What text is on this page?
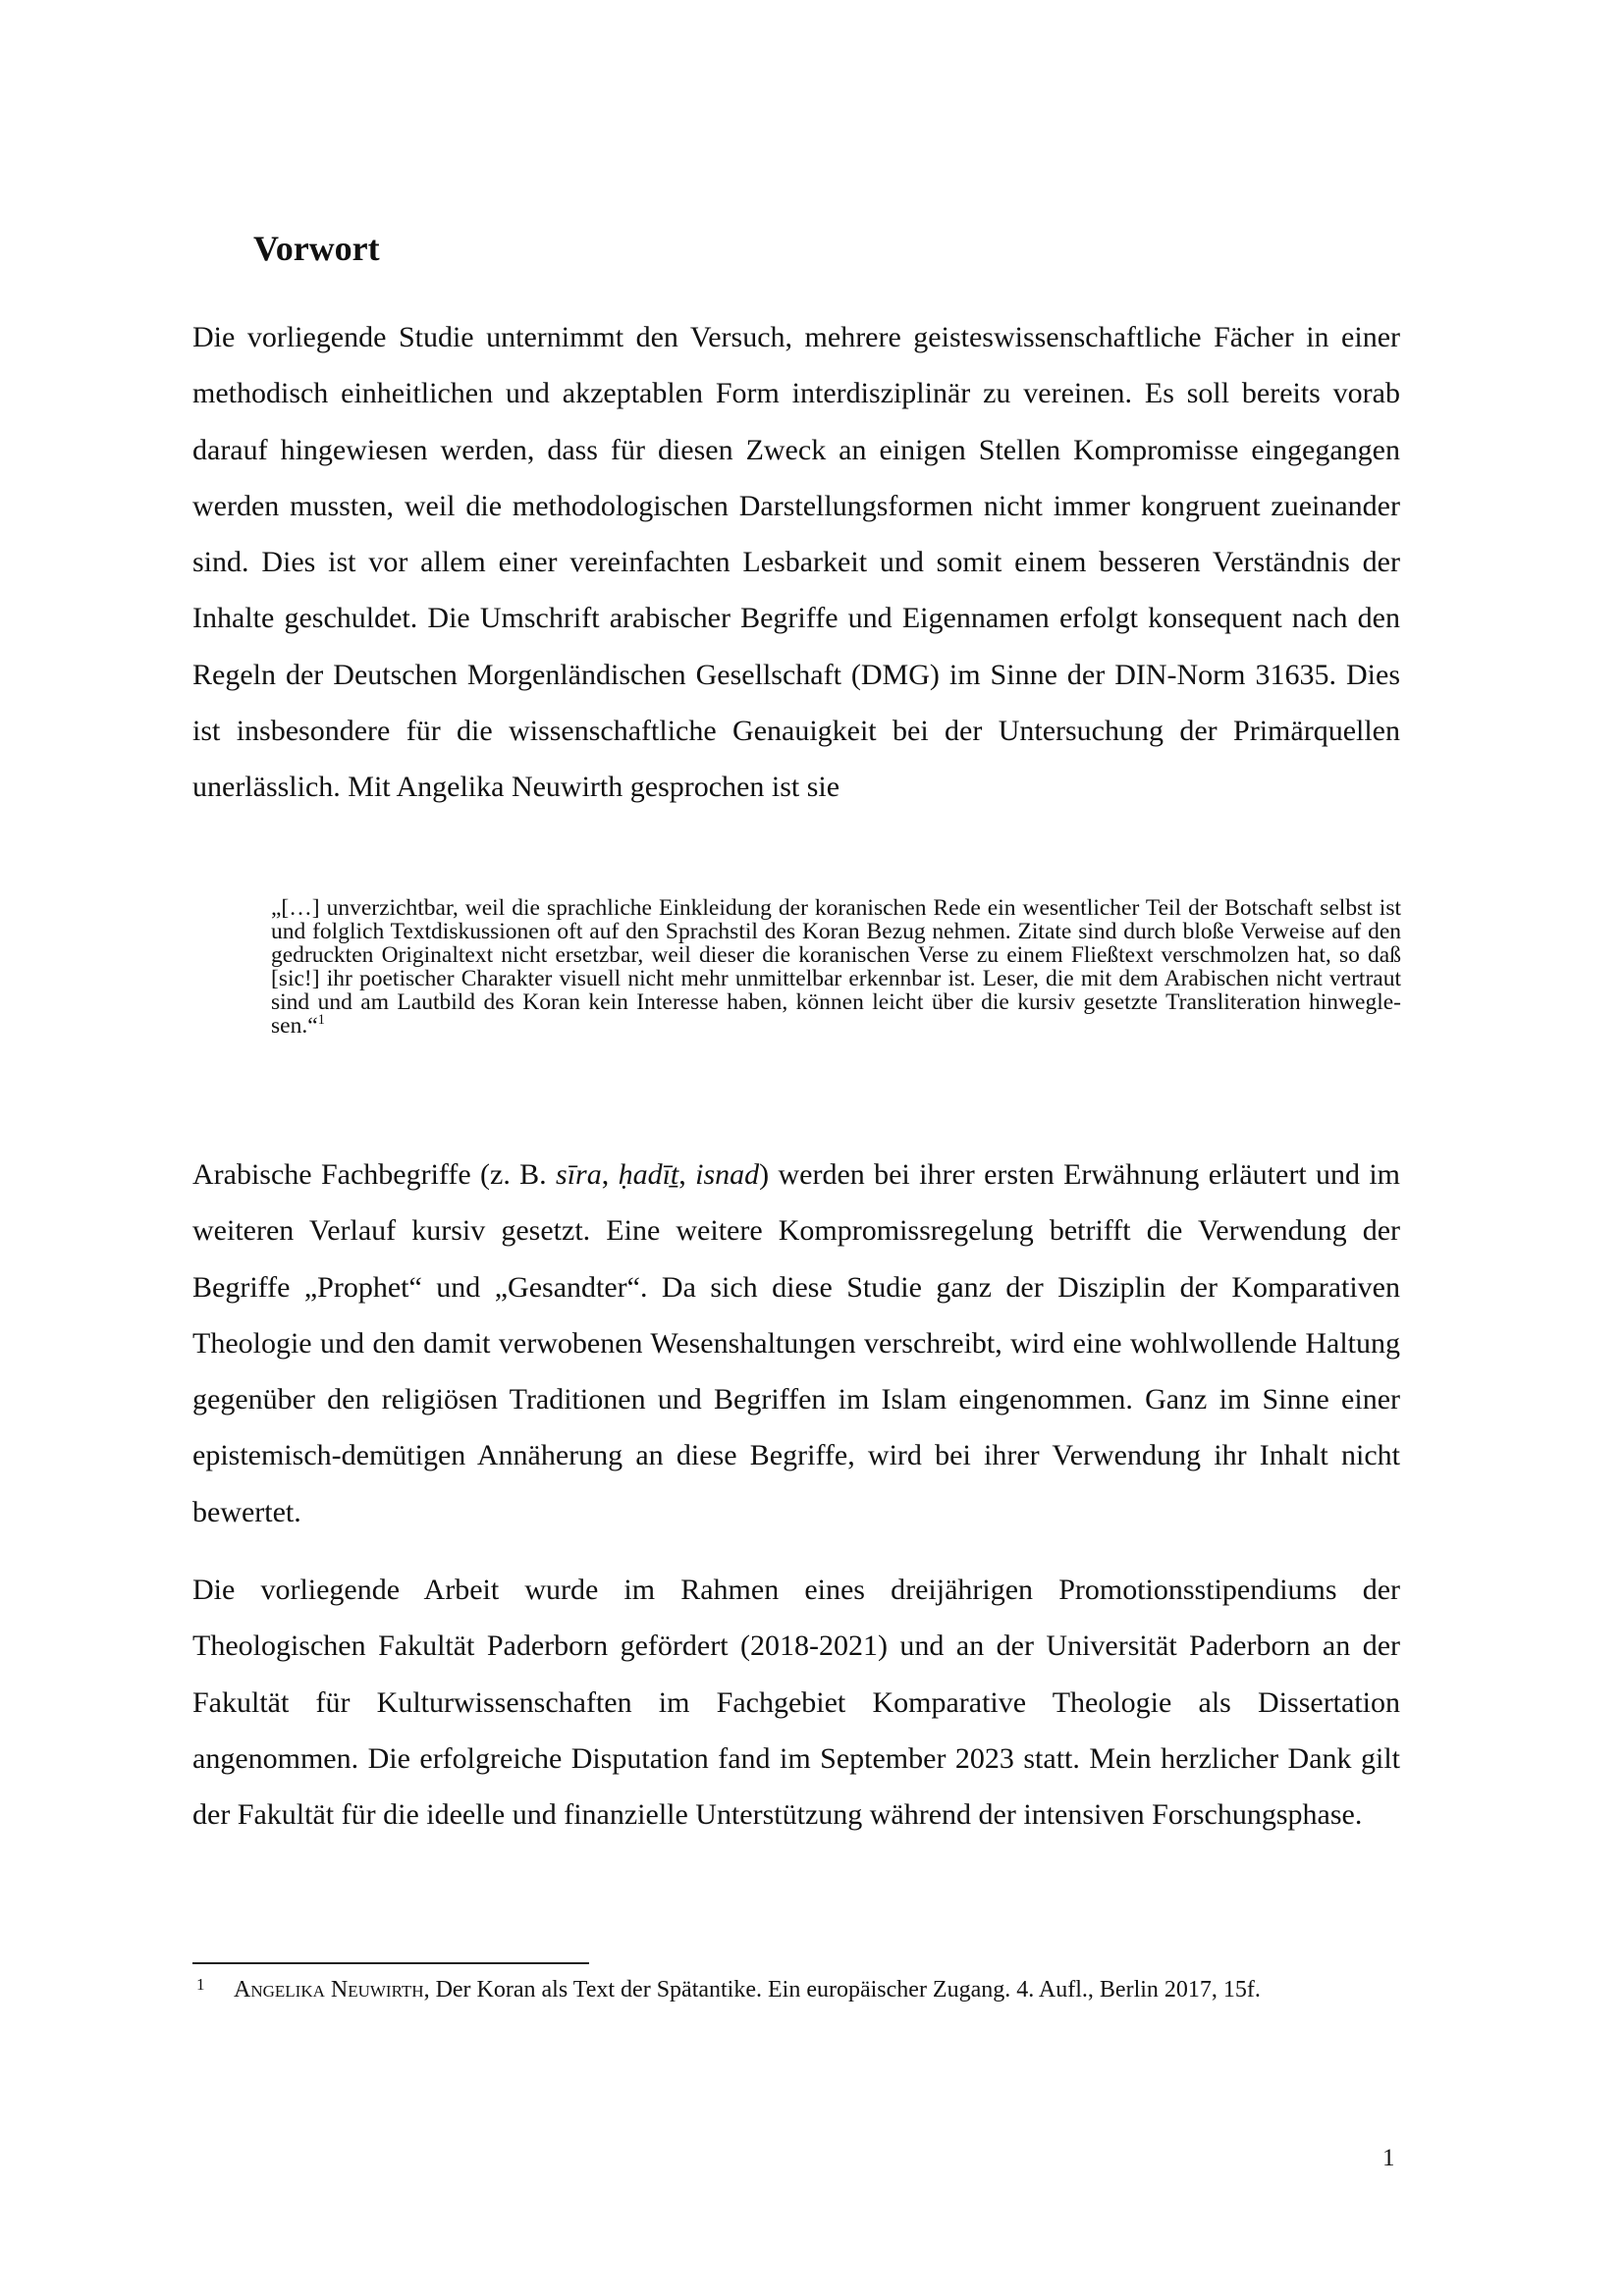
Vorwort

Die vorliegende Studie unternimmt den Versuch, mehrere geisteswissenschaftliche Fächer in einer methodisch einheitlichen und akzeptablen Form interdisziplinär zu vereinen. Es soll bereits vorab darauf hingewiesen werden, dass für diesen Zweck an einigen Stellen Kompromisse eingegangen werden mussten, weil die methodologischen Darstellungsformen nicht immer kongruent zueinander sind. Dies ist vor allem einer vereinfachten Lesbarkeit und somit einem besseren Verständnis der Inhalte geschuldet. Die Umschrift arabischer Begriffe und Eigennamen erfolgt konsequent nach den Regeln der Deutschen Morgenländischen Gesellschaft (DMG) im Sinne der DIN-Norm 31635. Dies ist insbesondere für die wissenschaftliche Genauigkeit bei der Untersuchung der Primärquellen unerlässlich. Mit Angelika Neuwirth gesprochen ist sie

„[…] unverzichtbar, weil die sprachliche Einkleidung der koranischen Rede ein wesentlicher Teil der Botschaft selbst ist und folglich Textdiskussionen oft auf den Sprachstil des Koran Bezug nehmen. Zitate sind durch bloße Verweise auf den gedruckten Originaltext nicht ersetzbar, weil dieser die koranischen Verse zu einem Fließtext verschmolzen hat, so daß [sic!] ihr poetischer Charakter visuell nicht mehr unmittelbar erkennbar ist. Leser, die mit dem Arabischen nicht vertraut sind und am Lautbild des Koran kein Interesse haben, können leicht über die kursiv gesetzte Transliteration hinweglesen.“$^1$

Arabische Fachbegriffe (z. B. sīra, ḥadīṯ, isnad) werden bei ihrer ersten Erwähnung erläutert und im weiteren Verlauf kursiv gesetzt. Eine weitere Kompromissregelung betrifft die Verwendung der Begriffe „Prophet“ und „Gesandter“. Da sich diese Studie ganz der Disziplin der Komparativen Theologie und den damit verwobenen Wesenshaltungen verschreibt, wird eine wohlwollende Haltung gegenüber den religiösen Traditionen und Begriffen im Islam eingenommen. Ganz im Sinne einer epistemisch-demütigen Annäherung an diese Begriffe, wird bei ihrer Verwendung ihr Inhalt nicht bewertet.

Die vorliegende Arbeit wurde im Rahmen eines dreijährigen Promotionsstipendiums der Theologischen Fakultät Paderborn gefördert (2018-2021) und an der Universität Paderborn an der Fakultät für Kulturwissenschaften im Fachgebiet Komparative Theologie als Dissertation angenommen. Die erfolgreiche Disputation fand im September 2023 statt. Mein herzlicher Dank gilt der Fakultät für die ideelle und finanzielle Unterstützung während der intensiven Forschungsphase.

1 Angelika Neuwirth, Der Koran als Text der Spätantike. Ein europäischer Zugang. 4. Aufl., Berlin 2017, 15f.

1
